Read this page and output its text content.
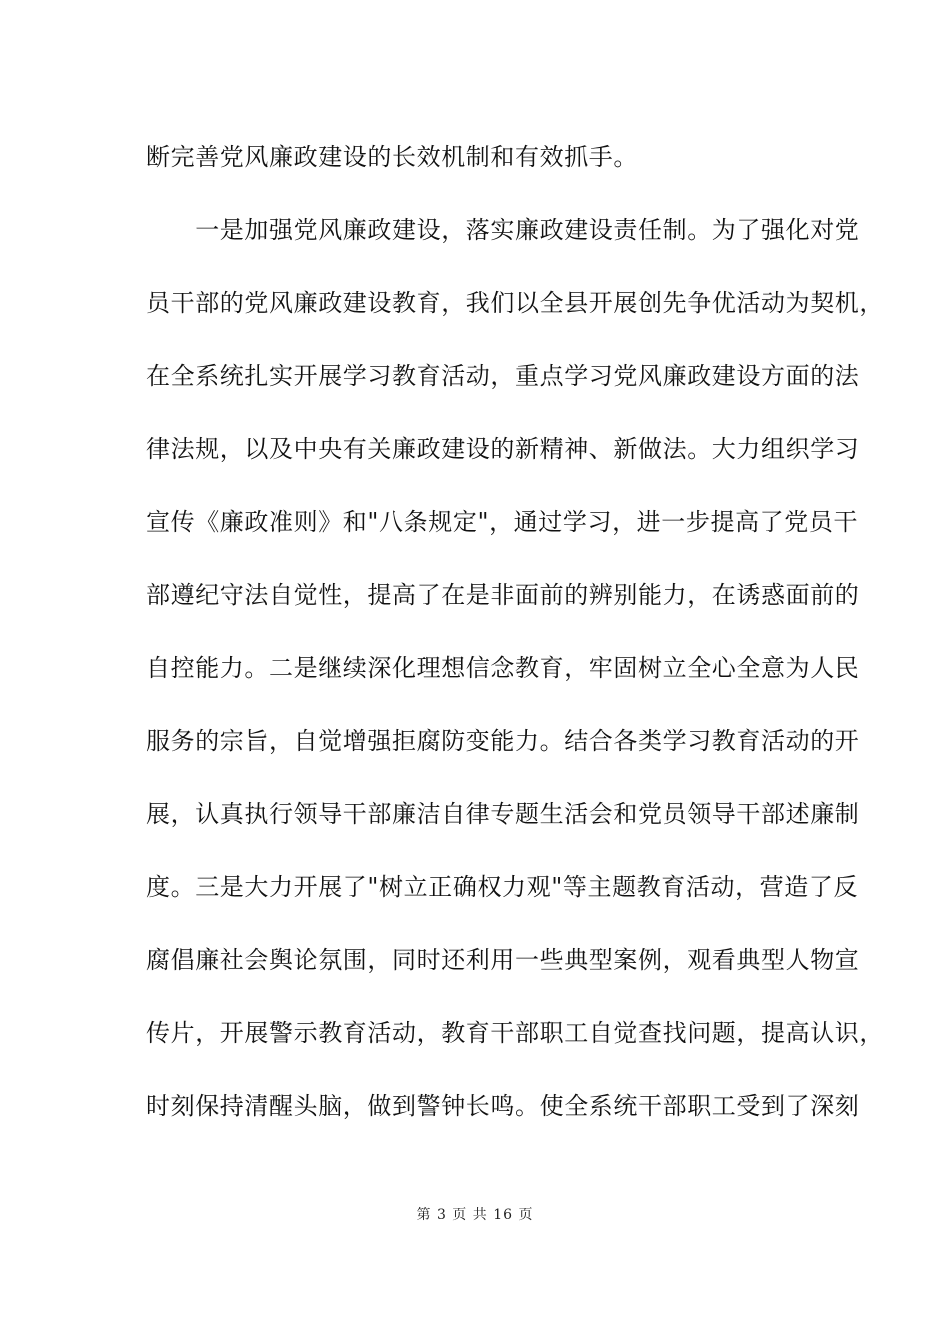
断完善党风廉政建设的长效机制和有效抓手。
　　一是加强党风廉政建设，落实廉政建设责任制。为了强化对党
员干部的党风廉政建设教育，我们以全县开展创先争优活动为契机，
在全系统扎实开展学习教育活动，重点学习党风廉政建设方面的法
律法规，以及中央有关廉政建设的新精神、新做法。大力组织学习
宣传《廉政准则》和"八条规定"，通过学习，进一步提高了党员干
部遵纪守法自觉性，提高了在是非面前的辨别能力，在诱惑面前的
自控能力。二是继续深化理想信念教育，牢固树立全心全意为人民
服务的宗旨，自觉增强拒腐防变能力。结合各类学习教育活动的开
展，认真执行领导干部廉洁自律专题生活会和党员领导干部述廉制
度。三是大力开展了"树立正确权力观"等主题教育活动，营造了反
腐倡廉社会舆论氛围，同时还利用一些典型案例，观看典型人物宣
传片，开展警示教育活动，教育干部职工自觉查找问题，提高认识，
时刻保持清醒头脑，做到警钟长鸣。使全系统干部职工受到了深刻
第 3 页 共 16 页
